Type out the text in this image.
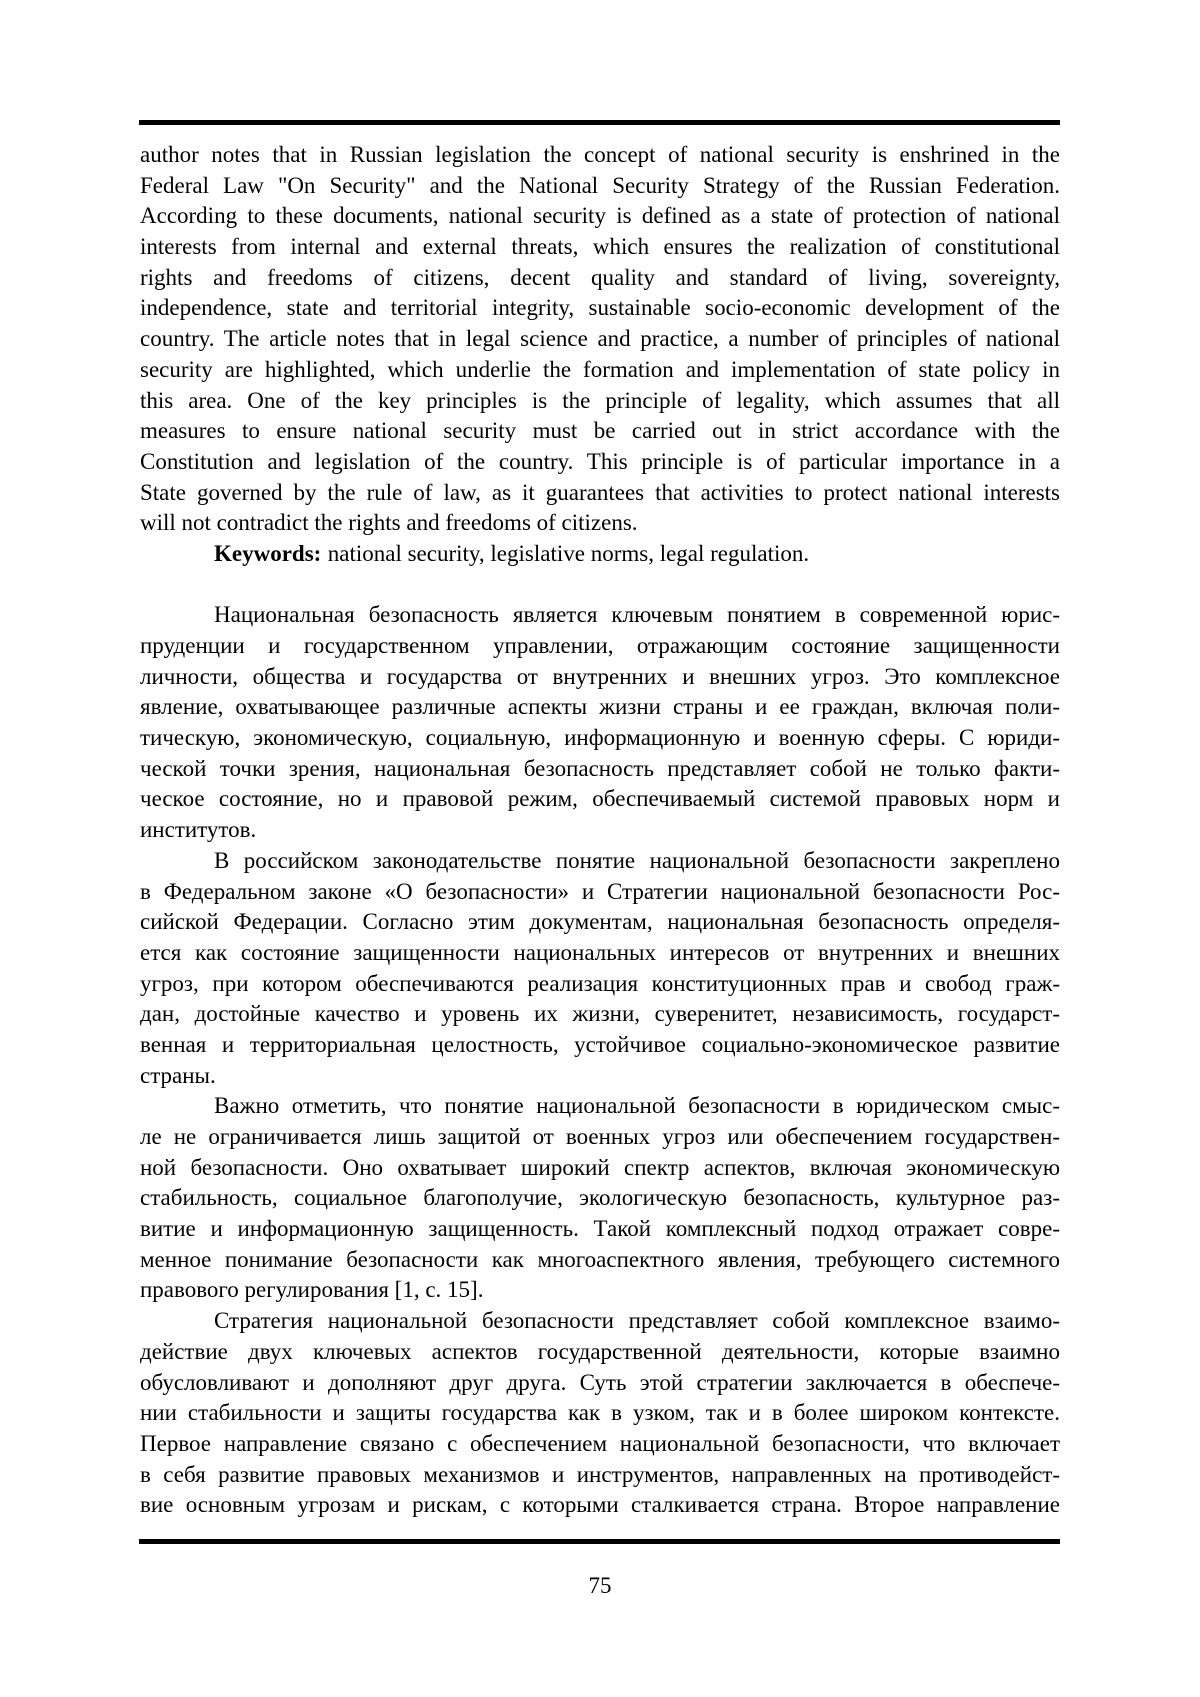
author notes that in Russian legislation the concept of national security is enshrined in the
Federal Law "On Security" and the National Security Strategy of the Russian Federation.
According to these documents, national security is defined as a state of protection of national
interests from internal and external threats, which ensures the realization of constitutional
rights and freedoms of citizens, decent quality and standard of living, sovereignty,
independence, state and territorial integrity, sustainable socio-economic development of the
country. The article notes that in legal science and practice, a number of principles of national
security are highlighted, which underlie the formation and implementation of state policy in
this area. One of the key principles is the principle of legality, which assumes that all
measures to ensure national security must be carried out in strict accordance with the
Constitution and legislation of the country. This principle is of particular importance in a
State governed by the rule of law, as it guarantees that activities to protect national interests
will not contradict the rights and freedoms of citizens.
Keywords: national security, legislative norms, legal regulation.
Национальная безопасность является ключевым понятием в современной юрис-
пруденции и государственном управлении, отражающим состояние защищенности
личности, общества и государства от внутренних и внешних угроз. Это комплексное
явление, охватывающее различные аспекты жизни страны и ее граждан, включая поли-
тическую, экономическую, социальную, информационную и военную сферы. С юриди-
ческой точки зрения, национальная безопасность представляет собой не только факти-
ческое состояние, но и правовой режим, обеспечиваемый системой правовых норм и
институтов.
В российском законодательстве понятие национальной безопасности закреплено
в Федеральном законе «О безопасности» и Стратегии национальной безопасности Рос-
сийской Федерации. Согласно этим документам, национальная безопасность определя-
ется как состояние защищенности национальных интересов от внутренних и внешних
угроз, при котором обеспечиваются реализация конституционных прав и свобод граж-
дан, достойные качество и уровень их жизни, суверенитет, независимость, государст-
венная и территориальная целостность, устойчивое социально-экономическое развитие
страны.
Важно отметить, что понятие национальной безопасности в юридическом смыс-
ле не ограничивается лишь защитой от военных угроз или обеспечением государствен-
ной безопасности. Оно охватывает широкий спектр аспектов, включая экономическую
стабильность, социальное благополучие, экологическую безопасность, культурное раз-
витие и информационную защищенность. Такой комплексный подход отражает совре-
менное понимание безопасности как многоаспектного явления, требующего системного
правового регулирования [1, с. 15].
Стратегия национальной безопасности представляет собой комплексное взаимо-
действие двух ключевых аспектов государственной деятельности, которые взаимно
обусловливают и дополняют друг друга. Суть этой стратегии заключается в обеспече-
нии стабильности и защиты государства как в узком, так и в более широком контексте.
Первое направление связано с обеспечением национальной безопасности, что включает
в себя развитие правовых механизмов и инструментов, направленных на противодейст-
вие основным угрозам и рискам, с которыми сталкивается страна. Второе направление
75
